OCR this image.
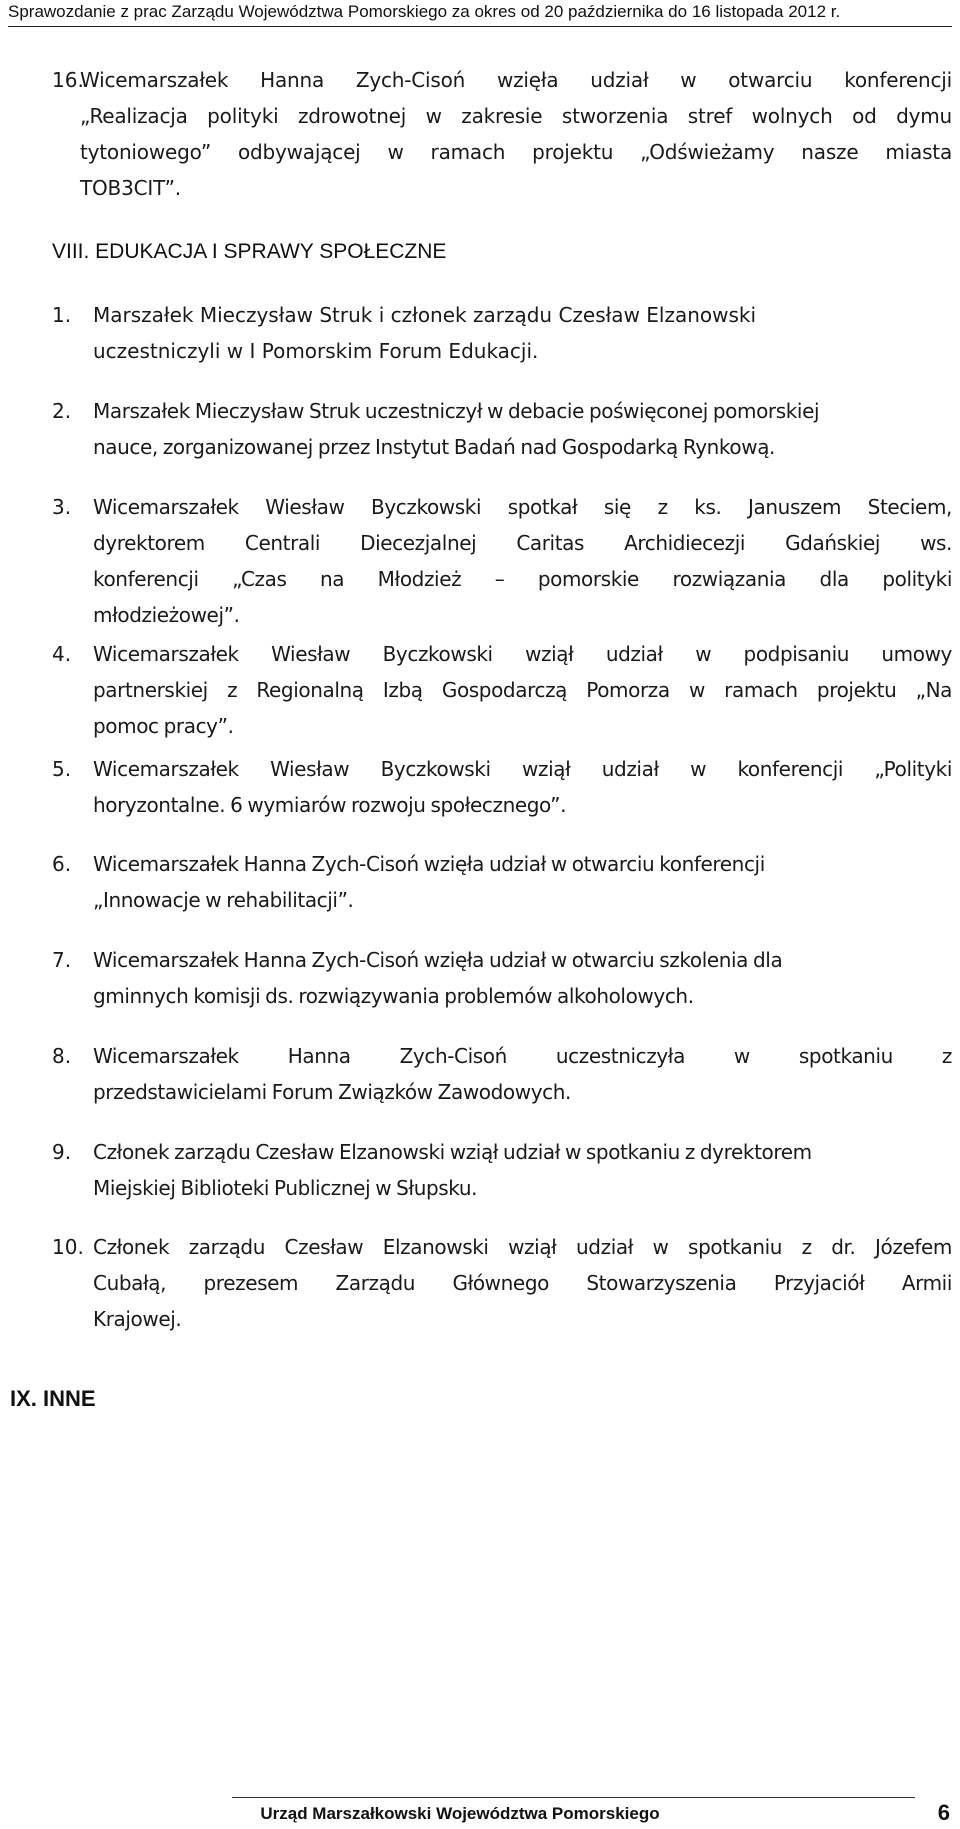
Sprawozdanie z prac Zarządu Województwa Pomorskiego za okres od 20 października do 16 listopada 2012 r.
16.
Wicemarszałek Hanna Zych-Cisoń wzięła udział w otwarciu konferencji
„Realizacja polityki zdrowotnej w zakresie stworzenia stref wolnych od dymu
tytoniowego” odbywającej w ramach projektu „Odświeżamy nasze miasta
TOB3CIT”.
VIII. EDUKACJA I SPRAWY SPOŁECZNE
1. Marszałek Mieczysław Struk i członek zarządu Czesław Elzanowski
uczestniczyli w I Pomorskim Forum Edukacji.
2. Marszałek Mieczysław Struk uczestniczył w debacie poświęconej pomorskiej
nauce, zorganizowanej przez Instytut Badań nad Gospodarką Rynkową.
3. Wicemarszałek Wiesław Byczkowski spotkał się z ks. Januszem Steciem,
dyrektorem Centrali Diecezjalnej Caritas Archidiecezji Gdańskiej ws.
konferencji „Czas na Młodzież – pomorskie rozwiązania dla polityki
młodzieżowej”.
4. Wicemarszałek Wiesław Byczkowski wziął udział w podpisaniu umowy
partnerskiej z Regionalną Izbą Gospodarczą Pomorza w ramach projektu „Na
pomoc pracy”.
5. Wicemarszałek Wiesław Byczkowski wziął udział w konferencji „Polityki
horyzontalne. 6 wymiarów rozwoju społecznego”.
6. Wicemarszałek Hanna Zych-Cisoń wzięła udział w otwarciu konferencji
„Innowacje w rehabilitacji”.
7. Wicemarszałek Hanna Zych-Cisoń wzięła udział w otwarciu szkolenia dla
gminnych komisji ds. rozwiązywania problemów alkoholowych.
8. Wicemarszałek Hanna Zych-Cisoń uczestniczyła w spotkaniu z
przedstawicielami Forum Związków Zawodowych.
9. Członek zarządu Czesław Elzanowski wziął udział w spotkaniu z dyrektorem
Miejskiej Biblioteki Publicznej w Słupsku.
10. Członek zarządu Czesław Elzanowski wziął udział w spotkaniu z dr. Józefem
Cubałą, prezesem Zarządu Głównego Stowarzyszenia Przyjaciół Armii
Krajowej.
IX. INNE
Urząd Marszałkowski Województwa Pomorskiego	6
